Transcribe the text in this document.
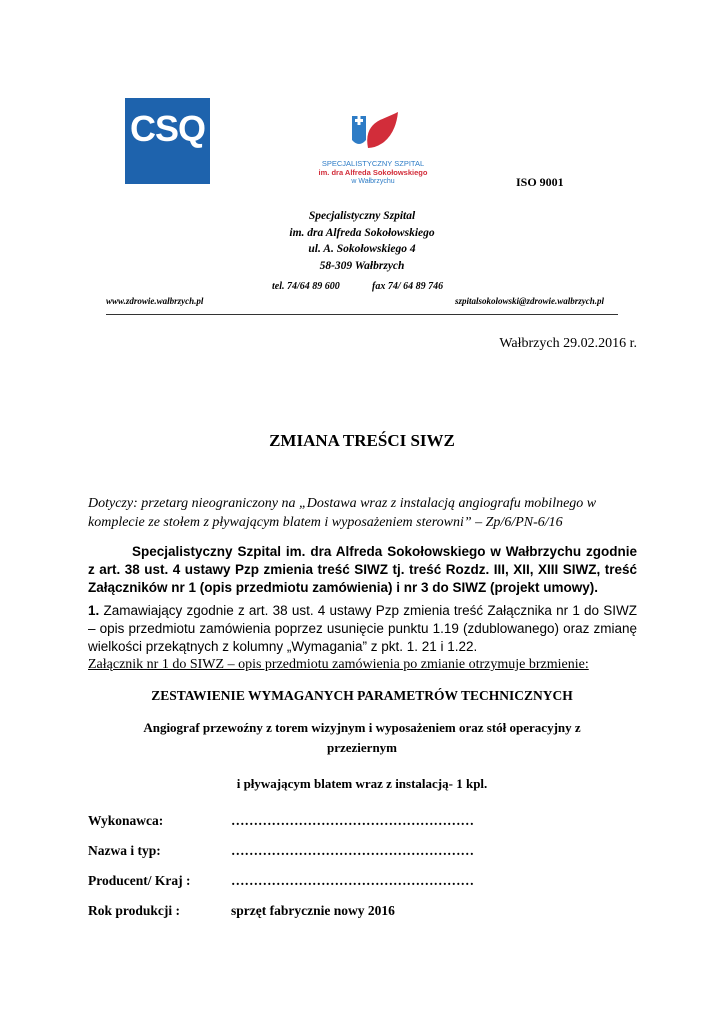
CSQ
SPECJALISTYCZNY SZPITAL
im. dra Alfreda Sokołowskiego
w Wałbrzychu	ISO 9001
Specjalistyczny Szpital
im. dra Alfreda Sokołowskiego
ul. A. Sokołowskiego 4
58-309 Wałbrzych
tel. 74/64 89 600	fax 74/ 64 89 746
www.zdrowie.walbrzych.pl	szpitalsokolowski@zdrowie.walbrzych.pl
Wałbrzych 29.02.2016 r.
ZMIANA TREŚCI SIWZ
Dotyczy: przetarg nieograniczony na „Dostawa wraz z instalacją angiografu mobilnego w komplecie ze stołem z pływającym blatem i wyposażeniem sterowni” – Zp/6/PN-6/16
Specjalistyczny Szpital im. dra Alfreda Sokołowskiego w Wałbrzychu zgodnie z art. 38 ust. 4 ustawy Pzp zmienia treść SIWZ tj. treść Rozdz. III, XII, XIII SIWZ, treść Załączników nr 1 (opis przedmiotu zamówienia) i nr 3 do SIWZ (projekt umowy).
1. Zamawiający zgodnie z art. 38 ust. 4 ustawy Pzp zmienia treść Załącznika nr 1 do SIWZ – opis przedmiotu zamówienia poprzez usunięcie punktu 1.19 (zdublowanego) oraz zmianę wielkości przekątnych z kolumny „Wymagania” z pkt. 1. 21 i 1.22.
Załącznik nr 1 do SIWZ – opis przedmiotu zamówienia po zmianie otrzymuje brzmienie:
ZESTAWIENIE WYMAGANYCH PARAMETRÓW TECHNICZNYCH
Angiograf przewoźny z torem wizyjnym i wyposażeniem oraz stół operacyjny z
przeziernym
i pływającym blatem wraz z instalacją- 1 kpl.
Wykonawca:	………………………………………………
Nazwa i typ:	………………………………………………
Producent/ Kraj :	………………………………………………
Rok produkcji :	sprzęt fabrycznie nowy 2016
